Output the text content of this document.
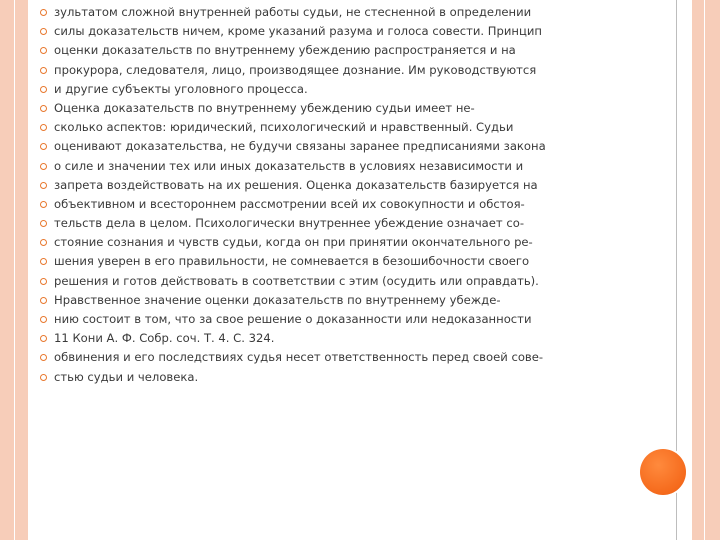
зультатом сложной внутренней работы судьи, не стесненной в определении
силы доказательств ничем, кроме указаний разума и голоса совести. Принцип
оценки доказательств по внутреннему убеждению распространяется и на
прокурора, следователя, лицо, производящее дознание. Им руководствуются
и другие субъекты уголовного процесса.
Оценка доказательств по внутреннему убеждению судьи имеет не-
сколько аспектов: юридический, психологический и нравственный. Судьи
оценивают доказательства, не будучи связаны заранее предписаниями закона
о силе и значении тех или иных доказательств в условиях независимости и
запрета воздействовать на их решения. Оценка доказательств базируется на
объективном и всестороннем рассмотрении всей их совокупности и обстоя-
тельств дела в целом. Психологически внутреннее убеждение означает со-
стояние сознания и чувств судьи, когда он при принятии окончательного ре-
шения уверен в его правильности, не сомневается в безошибочности своего
решения и готов действовать в соответствии с этим (осудить или оправдать).
Нравственное значение оценки доказательств по внутреннему убежде-
нию состоит в том, что за свое решение о доказанности или недоказанности
11 Кони А. Ф. Собр. соч. Т. 4. С. 324.
обвинения и его последствиях судья несет ответственность перед своей сове-
стью судьи и человека.
